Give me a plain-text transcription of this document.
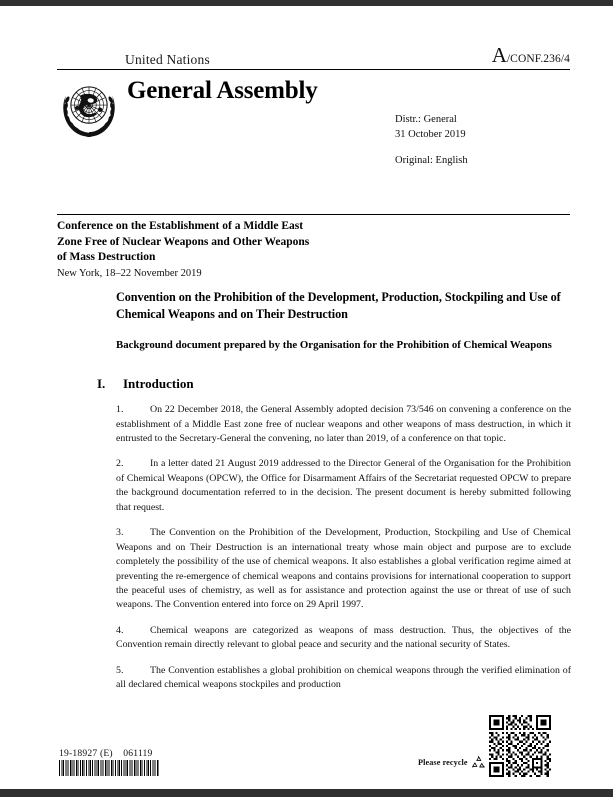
United Nations	A/CONF.236/4
General Assembly
Distr.: General
31 October 2019
Original: English
Conference on the Establishment of a Middle East
Zone Free of Nuclear Weapons and Other Weapons
of Mass Destruction
New York, 18–22 November 2019
Convention on the Prohibition of the Development, Production, Stockpiling and Use of Chemical Weapons and on Their Destruction
Background document prepared by the Organisation for the Prohibition of Chemical Weapons
I.	Introduction
1.	On 22 December 2018, the General Assembly adopted decision 73/546 on convening a conference on the establishment of a Middle East zone free of nuclear weapons and other weapons of mass destruction, in which it entrusted to the Secretary-General the convening, no later than 2019, of a conference on that topic.
2.	In a letter dated 21 August 2019 addressed to the Director General of the Organisation for the Prohibition of Chemical Weapons (OPCW), the Office for Disarmament Affairs of the Secretariat requested OPCW to prepare the background documentation referred to in the decision. The present document is hereby submitted following that request.
3.	The Convention on the Prohibition of the Development, Production, Stockpiling and Use of Chemical Weapons and on Their Destruction is an international treaty whose main object and purpose are to exclude completely the possibility of the use of chemical weapons. It also establishes a global verification regime aimed at preventing the re-emergence of chemical weapons and contains provisions for international cooperation to support the peaceful uses of chemistry, as well as for assistance and protection against the use or threat of use of such weapons. The Convention entered into force on 29 April 1997.
4.	Chemical weapons are categorized as weapons of mass destruction. Thus, the objectives of the Convention remain directly relevant to global peace and security and the national security of States.
5.	The Convention establishes a global prohibition on chemical weapons through the verified elimination of all declared chemical weapons stockpiles and production
19-18927 (E)    061119
Please recycle
